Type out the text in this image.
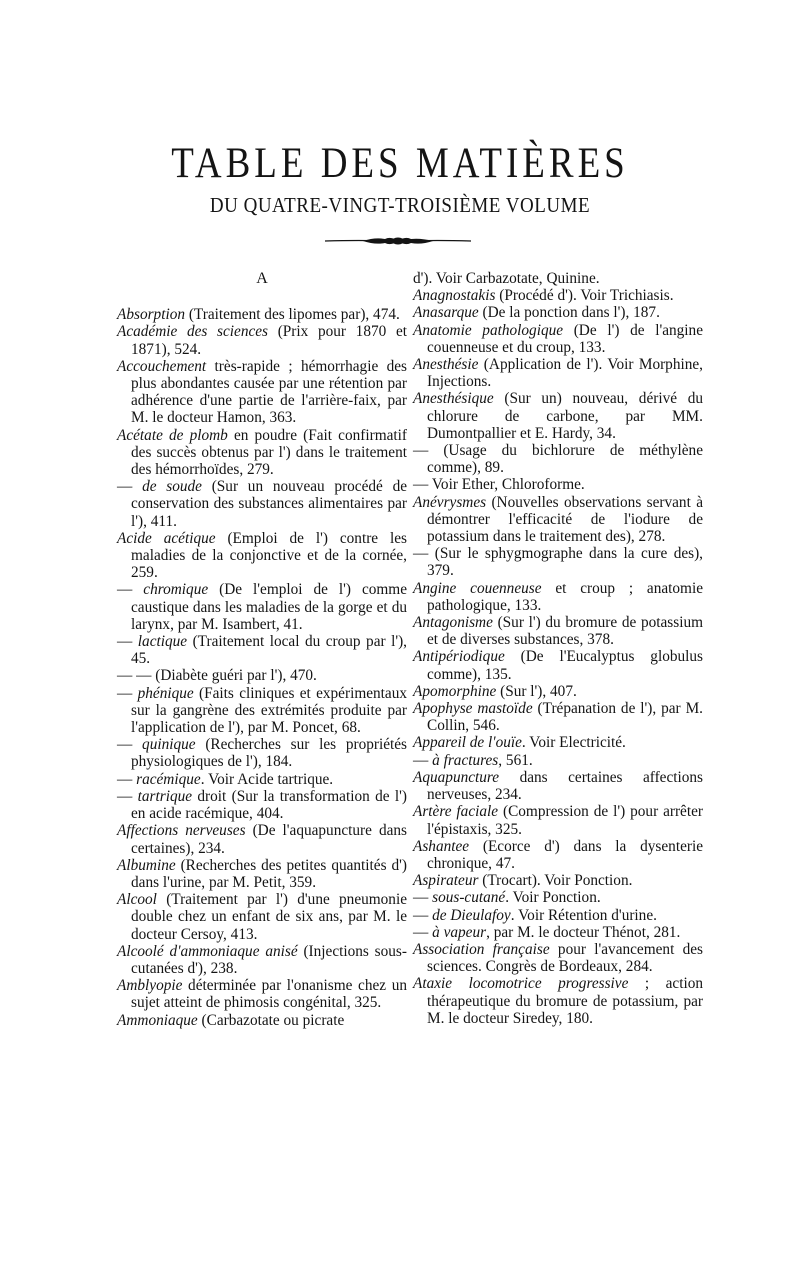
TABLE DES MATIÈRES
DU QUATRE-VINGT-TROISIÈME VOLUME
A

Absorption (Traitement des lipomes par), 474.

Académie des sciences (Prix pour 1870 et 1871), 524.

Accouchement très-rapide ; hémorrhagie des plus abondantes causée par une rétention par adhérence d'une partie de l'arrière-faix, par M. le docteur Hamon, 363.

Acétate de plomb en poudre (Fait confirmatif des succès obtenus par l') dans le traitement des hémorrhoïdes, 279.

— de soude (Sur un nouveau procédé de conservation des substances alimentaires par l'), 411.

Acide acétique (Emploi de l') contre les maladies de la conjonctive et de la cornée, 259.

— chromique (De l'emploi de l') comme caustique dans les maladies de la gorge et du larynx, par M. Isambert, 41.

— lactique (Traitement local du croup par l'), 45.

— — (Diabète guéri par l'), 470.

— phénique (Faits cliniques et expérimentaux sur la gangrène des extrémités produite par l'application de l'), par M. Poncet, 68.

— quinique (Recherches sur les propriétés physiologiques de l'), 184.

— racémique. Voir Acide tartrique.

— tartrique droit (Sur la transformation de l') en acide racémique, 404.

Affections nerveuses (De l'aquapuncture dans certaines), 234.

Albumine (Recherches des petites quantités d') dans l'urine, par M. Petit, 359.

Alcool (Traitement par l') d'une pneumonie double chez un enfant de six ans, par M. le docteur Cersoy, 413.

Alcoolé d'ammoniaque anisé (Injections sous-cutanées d'), 238.

Amblyopie déterminée par l'onanisme chez un sujet atteint de phimosis congénital, 325.

Ammoniaque (Carbazotate ou picrate

d'). Voir Carbazotate, Quinine.

Anagnostakis (Procédé d'). Voir Trichiasis.

Anasarque (De la ponction dans l'), 187.

Anatomie pathologique (De l') de l'angine couenneuse et du croup, 133.

Anesthésie (Application de l'). Voir Morphine, Injections.

Anesthésique (Sur un) nouveau, dérivé du chlorure de carbone, par MM. Dumontpallier et E. Hardy, 34.

— (Usage du bichlorure de méthylène comme), 89.

— Voir Ether, Chloroforme.

Anévrysmes (Nouvelles observations servant à démontrer l'efficacité de l'iodure de potassium dans le traitement des), 278.

— (Sur le sphygmographe dans la cure des), 379.

Angine couenneuse et croup ; anatomie pathologique, 133.

Antagonisme (Sur l') du bromure de potassium et de diverses substances, 378.

Antipériodique (De l'Eucalyptus globulus comme), 135.

Apomorphine (Sur l'), 407.

Apophyse mastoïde (Trépanation de l'), par M. Collin, 546.

Appareil de l'ouïe. Voir Electricité.

— à fractures, 561.

Aquapuncture dans certaines affections nerveuses, 234.

Artère faciale (Compression de l') pour arrêter l'épistaxis, 325.

Ashantee (Ecorce d') dans la dysenterie chronique, 47.

Aspirateur (Trocart). Voir Ponction.

— sous-cutané. Voir Ponction.

— de Dieulafoy. Voir Rétention d'urine.

— à vapeur, par M. le docteur Thénot, 281.

Association française pour l'avancement des sciences. Congrès de Bordeaux, 284.

Ataxie locomotrice progressive ; action thérapeutique du bromure de potassium, par M. le docteur Siredey, 180.
